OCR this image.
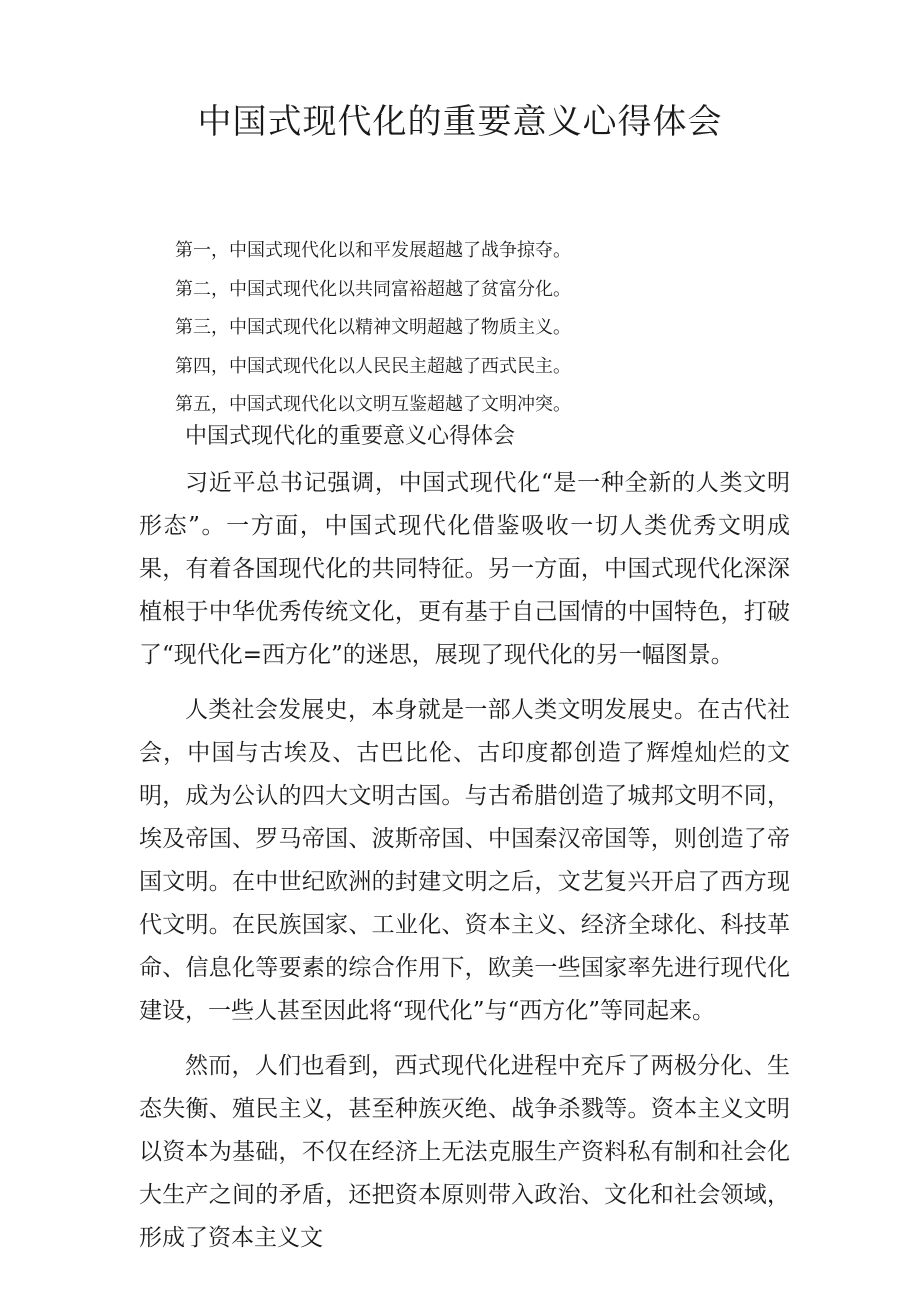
中国式现代化的重要意义心得体会
第一，中国式现代化以和平发展超越了战争掠夺。
第二，中国式现代化以共同富裕超越了贫富分化。
第三，中国式现代化以精神文明超越了物质主义。
第四，中国式现代化以人民民主超越了西式民主。
第五，中国式现代化以文明互鉴超越了文明冲突。
中国式现代化的重要意义心得体会

习近平总书记强调，中国式现代化“是一种全新的人类文明形态”。一方面，中国式现代化借鉴吸收一切人类优秀文明成果，有着各国现代化的共同特征。另一方面，中国式现代化深深植根于中华优秀传统文化，更有基于自己国情的中国特色，打破了“现代化=西方化”的迷思，展现了现代化的另一幅图景。

人类社会发展史，本身就是一部人类文明发展史。在古代社会，中国与古埃及、古巴比伦、古印度都创造了辉煌灿烂的文明，成为公认的四大文明古国。与古希腊创造了城邦文明不同，埃及帝国、罗马帝国、波斯帝国、中国秦汉帝国等，则创造了帝国文明。在中世纪欧洲的封建文明之后，文艺复兴开启了西方现代文明。在民族国家、工业化、资本主义、经济全球化、科技革命、信息化等要素的综合作用下，欧美一些国家率先进行现代化建设，一些人甚至因此将“现代化”与“西方化”等同起来。

然而，人们也看到，西式现代化进程中充斥了两极分化、生态失衡、殖民主义，甚至种族灭绝、战争杀戮等。资本主义文明以资本为基础，不仅在经济上无法克服生产资料私有制和社会化大生产之间的矛盾，还把资本原则带入政治、文化和社会领域，形成了资本主义文
